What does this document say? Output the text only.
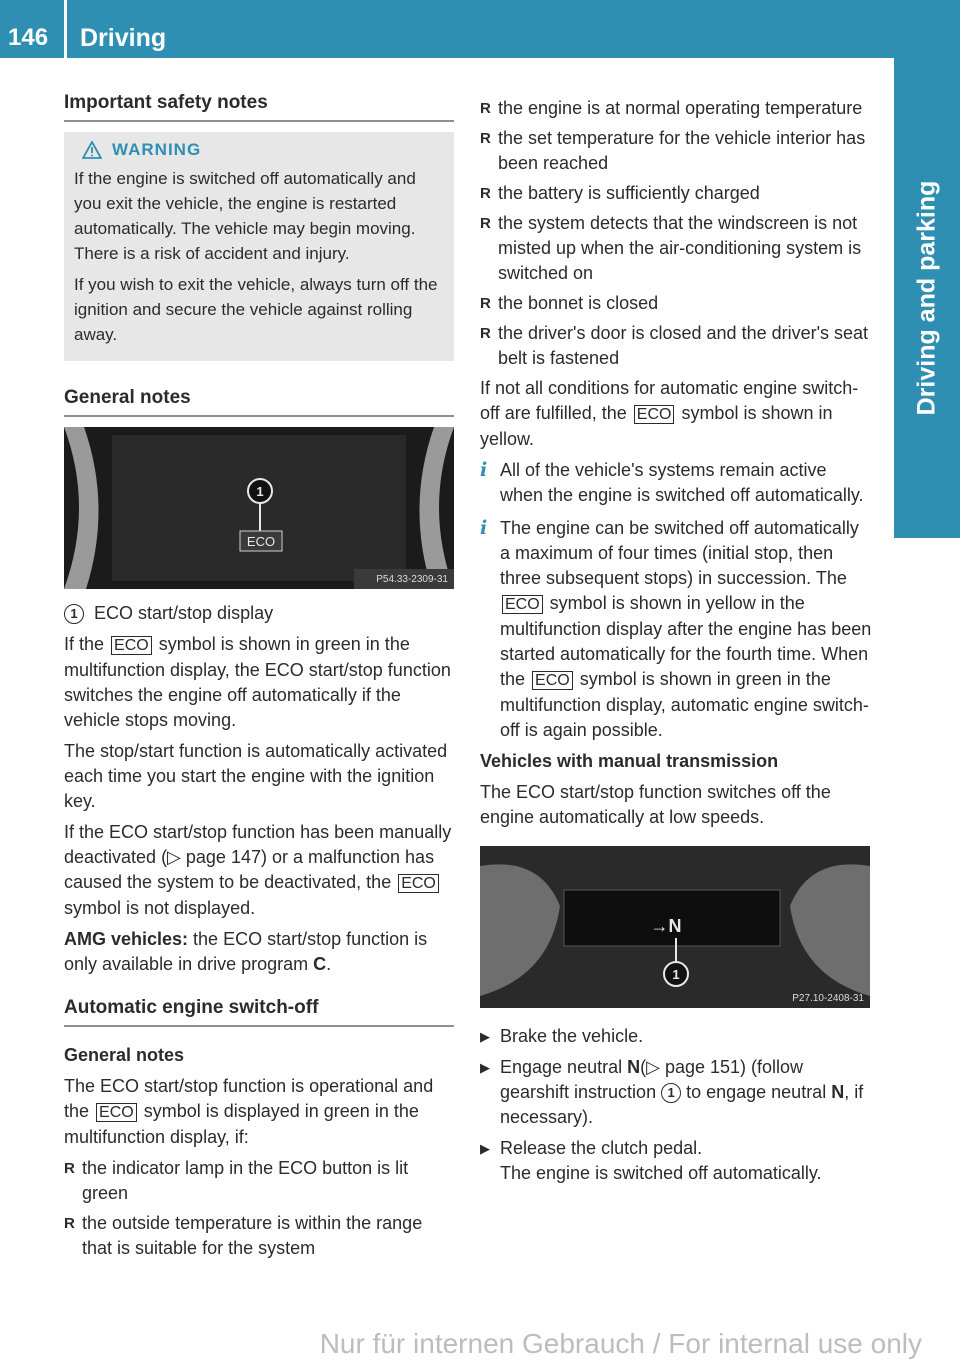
146	Driving
Driving and parking
Important safety notes
WARNING

If the engine is switched off automatically and you exit the vehicle, the engine is restarted automatically. The vehicle may begin moving. There is a risk of accident and injury.

If you wish to exit the vehicle, always turn off the ignition and secure the vehicle against rolling away.

General notes
1
ECO
P54.33-2309-31

1 ECO start/stop display

If the ECO symbol is shown in green in the multifunction display, the ECO start/stop function switches the engine off automatically if the vehicle stops moving.

The stop/start function is automatically activated each time you start the engine with the ignition key.

If the ECO start/stop function has been manually deactivated (▷ page 147) or a malfunction has caused the system to be deactivated, the ECO symbol is not displayed.

AMG vehicles: the ECO start/stop function is only available in drive program C.

Automatic engine switch-off
General notes

The ECO start/stop function is operational and the ECO symbol is displayed in green in the multifunction display, if:

R the indicator lamp in the ECO button is lit green
R the outside temperature is within the range that is suitable for the system
R the engine is at normal operating temperature
R the set temperature for the vehicle interior has been reached
R the battery is sufficiently charged
R the system detects that the windscreen is not misted up when the air-conditioning system is switched on
R the bonnet is closed
R the driver's door is closed and the driver's seat belt is fastened

If not all conditions for automatic engine switch-off are fulfilled, the ECO symbol is shown in yellow.

i All of the vehicle's systems remain active when the engine is switched off automatically.

i The engine can be switched off automatically a maximum of four times (initial stop, then three subsequent stops) in succession. The ECO symbol is shown in yellow in the multifunction display after the engine has been started automatically for the fourth time. When the ECO symbol is shown in green in the multifunction display, automatic engine switch-off is again possible.

Vehicles with manual transmission

The ECO start/stop function switches off the engine automatically at low speeds.

→N
1
P27.10-2408-31
▶ Brake the vehicle.
▶ Engage neutral N(▷ page 151) (follow gearshift instruction 1 to engage neutral N, if necessary).
▶ Release the clutch pedal.
The engine is switched off automatically.
Nur für internen Gebrauch / For internal use only
